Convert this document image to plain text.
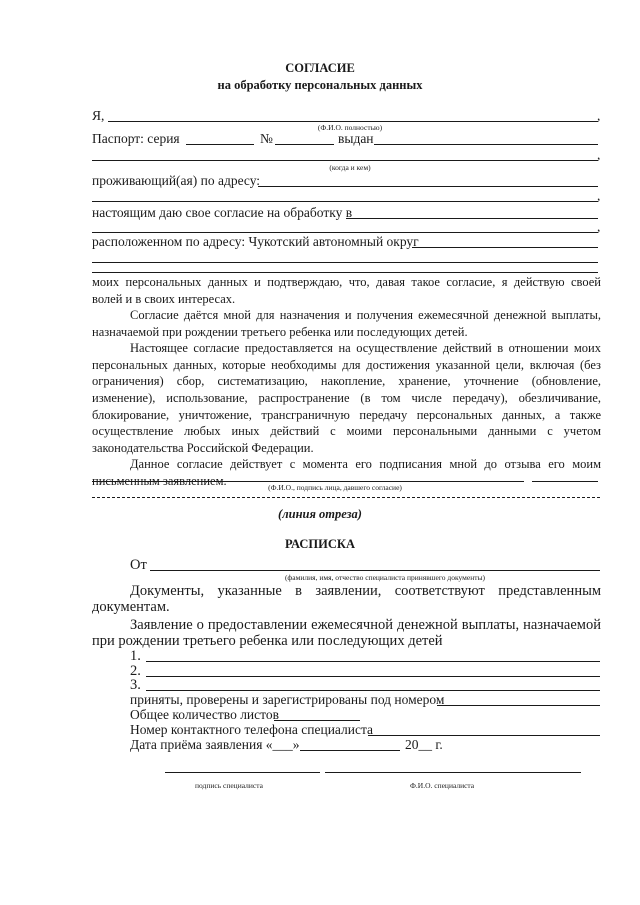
СОГЛАСИЕ
на обработку персональных данных
Я,	,
(Ф.И.О. полностью)
Паспорт: серия	№	выдан
,
(когда и кем)
проживающий(ая) по адресу:
,
настоящим даю свое согласие на обработку в
,
расположенном по адресу: Чукотский автономный округ
моих персональных данных и подтверждаю, что, давая такое согласие, я действую своей
волей и в своих интересах.
Согласие даётся мной для назначения и получения ежемесячной денежной выплаты,
назначаемой при рождении третьего ребенка или последующих детей.
Настоящее согласие предоставляется на осуществление действий в отношении моих
персональных данных, которые необходимы для достижения указанной цели, включая (без
ограничения) сбор, систематизацию, накопление, хранение, уточнение (обновление,
изменение), использование, распространение (в том числе передачу), обезличивание,
блокирование, уничтожение, трансграничную передачу персональных данных, а также
осуществление любых иных действий с моими персональными данными с учетом
законодательства Российской Федерации.
Данное согласие действует с момента его подписания мной до отзыва его моим
письменным заявлением.	(Ф.И.О., подпись лица, давшего согласие)
(линия отреза)
РАСПИСКА
От
(фамилия, имя, отчество специалиста принявшего документы)
Документы, указанные в заявлении, соответствуют представленным
документам.
Заявление о предоставлении ежемесячной денежной выплаты, назначаемой
при рождении третьего ребенка или последующих детей
1.
2.
3.
приняты, проверены и зарегистрированы под номером
Общее количество листов
Номер контактного телефона специалиста
Дата приёма заявления «___»	20__ г.
подпись специалиста	Ф.И.О. специалиста
